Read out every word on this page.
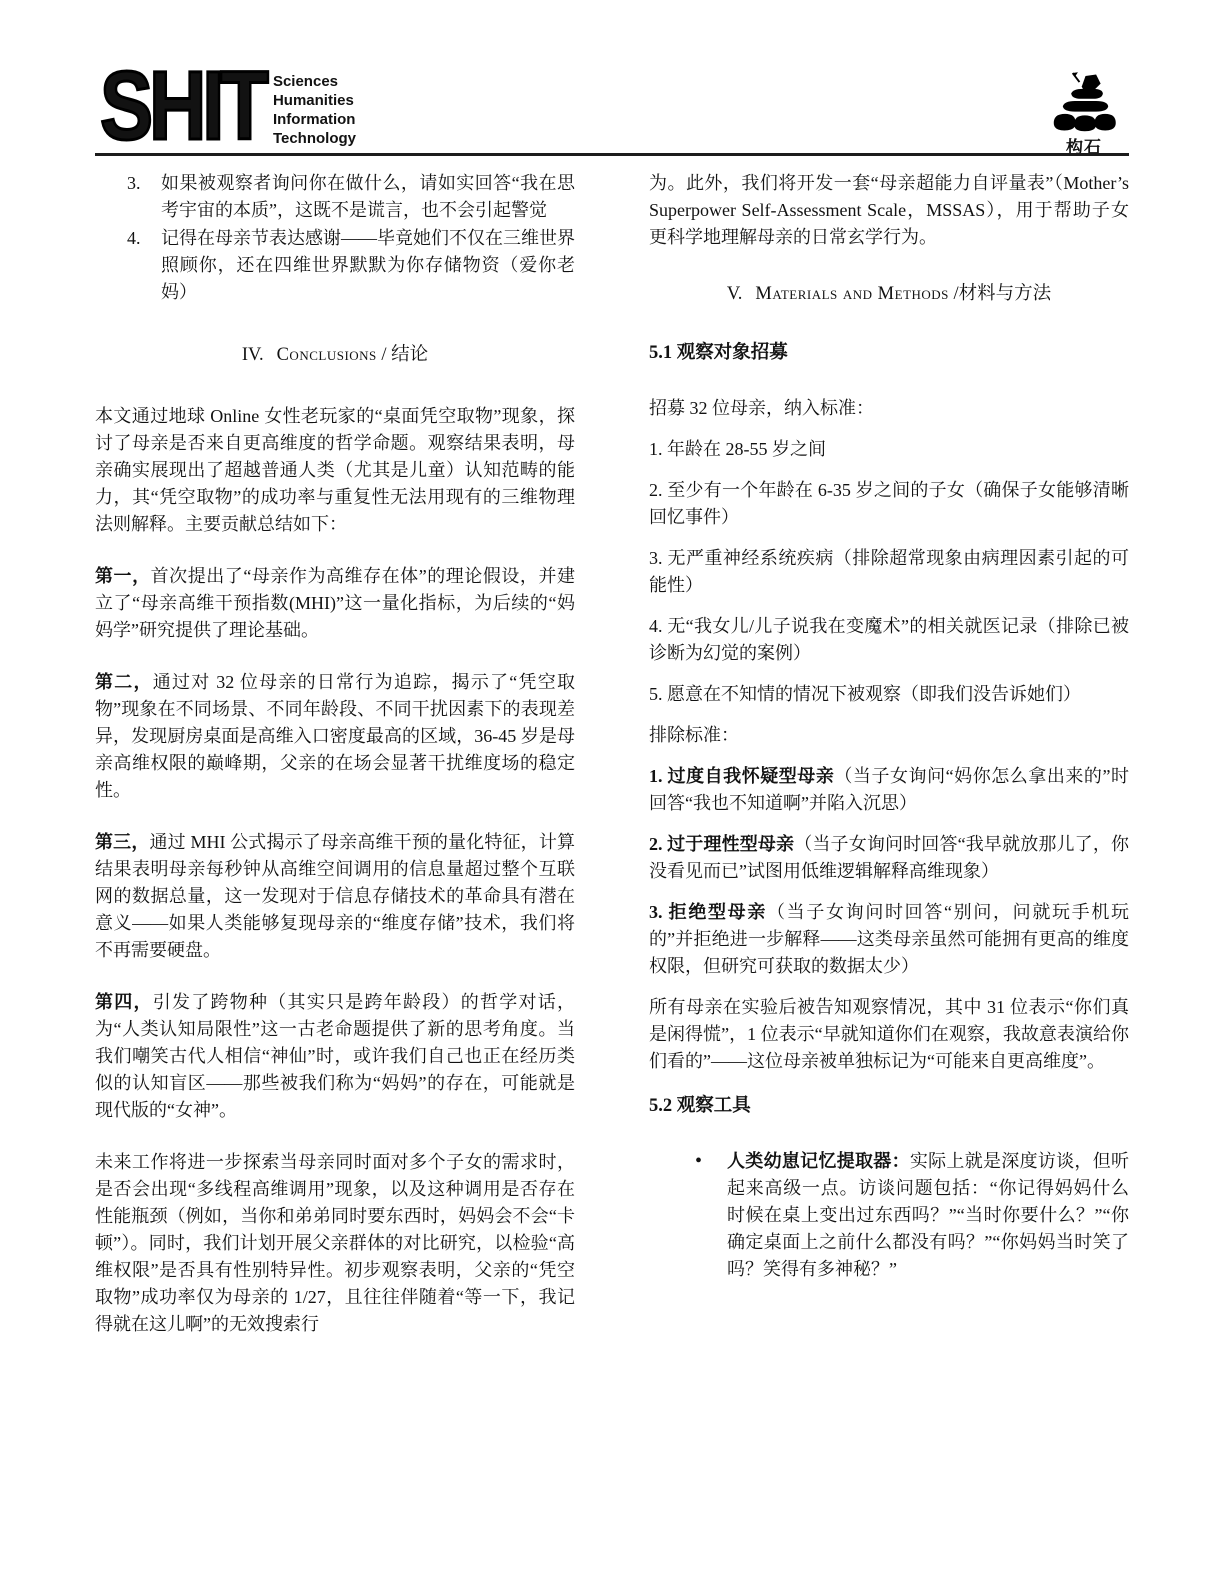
SHIT Sciences
Humanities
Information
Technology	构石
3. 如果被观察者询问你在做什么，请如实回答“我在思考宇宙的本质”，这既不是谎言，也不会引起警觉
4. 记得在母亲节表达感谢——毕竟她们不仅在三维世界照顾你，还在四维世界默默为你存储物资（爱你老妈）
IV. Conclusions / 结论

本文通过地球 Online 女性老玩家的“桌面凭空取物”现象，探讨了母亲是否来自更高维度的哲学命题。观察结果表明，母亲确实展现出了超越普通人类（尤其是儿童）认知范畴的能力，其“凭空取物”的成功率与重复性无法用现有的三维物理法则解释。主要贡献总结如下：

第一，首次提出了“母亲作为高维存在体”的理论假设，并建立了“母亲高维干预指数(MHI)”这一量化指标，为后续的“妈妈学”研究提供了理论基础。

第二，通过对 32 位母亲的日常行为追踪，揭示了“凭空取物”现象在不同场景、不同年龄段、不同干扰因素下的表现差异，发现厨房桌面是高维入口密度最高的区域，36-45 岁是母亲高维权限的巅峰期，父亲的在场会显著干扰维度场的稳定性。

第三，通过 MHI 公式揭示了母亲高维干预的量化特征，计算结果表明母亲每秒钟从高维空间调用的信息量超过整个互联网的数据总量，这一发现对于信息存储技术的革命具有潜在意义——如果人类能够复现母亲的“维度存储”技术，我们将不再需要硬盘。

第四，引发了跨物种（其实只是跨年龄段）的哲学对话，为“人类认知局限性”这一古老命题提供了新的思考角度。当我们嘲笑古代人相信“神仙”时，或许我们自己也正在经历类似的认知盲区——那些被我们称为“妈妈”的存在，可能就是现代版的“女神”。

未来工作将进一步探索当母亲同时面对多个子女的需求时，是否会出现“多线程高维调用”现象，以及这种调用是否存在性能瓶颈（例如，当你和弟弟同时要东西时，妈妈会不会“卡顿”）。同时，我们计划开展父亲群体的对比研究，以检验“高维权限”是否具有性别特异性。初步观察表明，父亲的“凭空取物”成功率仅为母亲的 1/27，且往往伴随着“等一下，我记得就在这儿啊”的无效搜索行

为。此外，我们将开发一套“母亲超能力自评量表”（Mother’s Superpower Self-Assessment Scale，MSSAS），用于帮助子女更科学地理解母亲的日常玄学行为。

V. Materials and Methods /材料与方法
5.1 观察对象招募

招募 32 位母亲，纳入标准：

1. 年龄在 28-55 岁之间

2. 至少有一个年龄在 6-35 岁之间的子女（确保子女能够清晰回忆事件）

3. 无严重神经系统疾病（排除超常现象由病理因素引起的可能性）

4. 无“我女儿/儿子说我在变魔术”的相关就医记录（排除已被诊断为幻觉的案例）

5. 愿意在不知情的情况下被观察（即我们没告诉她们）

排除标准：

1. 过度自我怀疑型母亲（当子女询问“妈你怎么拿出来的”时回答“我也不知道啊”并陷入沉思）

2. 过于理性型母亲（当子女询问时回答“我早就放那儿了，你没看见而已”试图用低维逻辑解释高维现象）

3. 拒绝型母亲（当子女询问时回答“别问，问就玩手机玩的”并拒绝进一步解释——这类母亲虽然可能拥有更高的维度权限，但研究可获取的数据太少）

所有母亲在实验后被告知观察情况，其中 31 位表示“你们真是闲得慌”，1 位表示“早就知道你们在观察，我故意表演给你们看的”——这位母亲被单独标记为“可能来自更高维度”。

5.2 观察工具
• 人类幼崽记忆提取器：实际上就是深度访谈，但听起来高级一点。访谈问题包括：“你记得妈妈什么时候在桌上变出过东西吗？”“当时你要什么？”“你确定桌面上之前什么都没有吗？”“你妈妈当时笑了吗？笑得有多神秘？”
